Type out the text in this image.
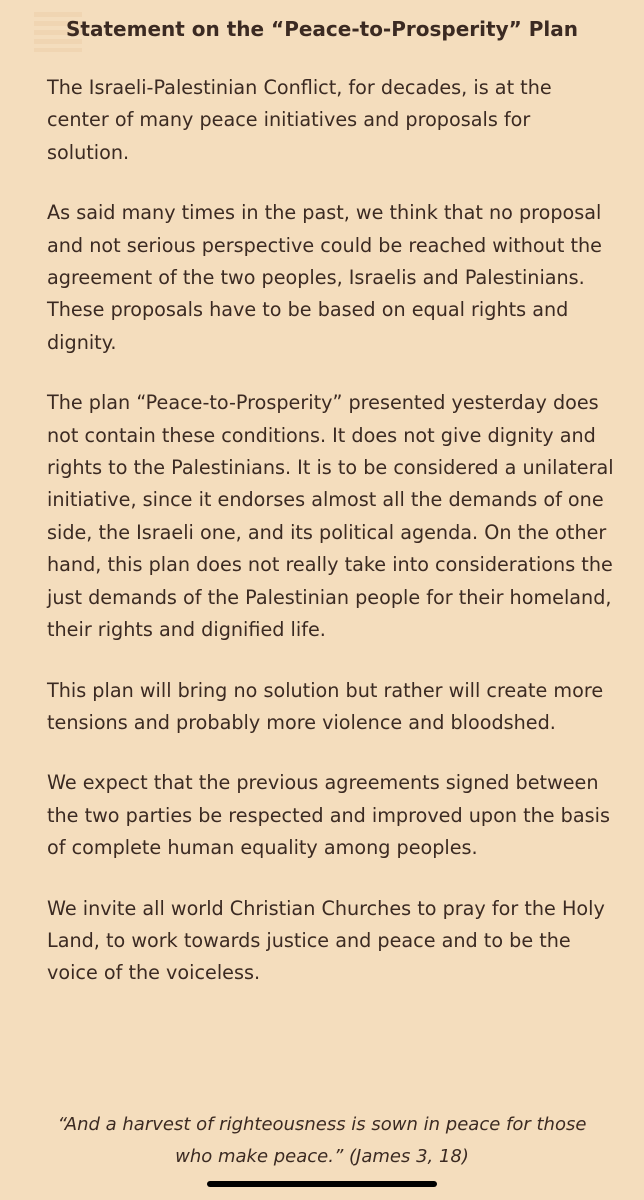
Statement on the “Peace-to-Prosperity” Plan

The Israeli-Palestinian Conflict, for decades, is at the center of many peace initiatives and proposals for solution.

As said many times in the past, we think that no proposal and not serious perspective could be reached without the agreement of the two peoples, Israelis and Palestinians. These proposals have to be based on equal rights and dignity.

The plan “Peace-to-Prosperity” presented yesterday does not contain these conditions. It does not give dignity and rights to the Palestinians. It is to be considered a unilateral initiative, since it endorses almost all the demands of one side, the Israeli one, and its political agenda. On the other hand, this plan does not really take into considerations the just demands of the Palestinian people for their homeland, their rights and dignified life.

This plan will bring no solution but rather will create more tensions and probably more violence and bloodshed.

We expect that the previous agreements signed between the two parties be respected and improved upon the basis of complete human equality among peoples.

We invite all world Christian Churches to pray for the Holy Land, to work towards justice and peace and to be the voice of the voiceless.

“And a harvest of righteousness is sown in peace for those who make peace.” (James 3, 18)
